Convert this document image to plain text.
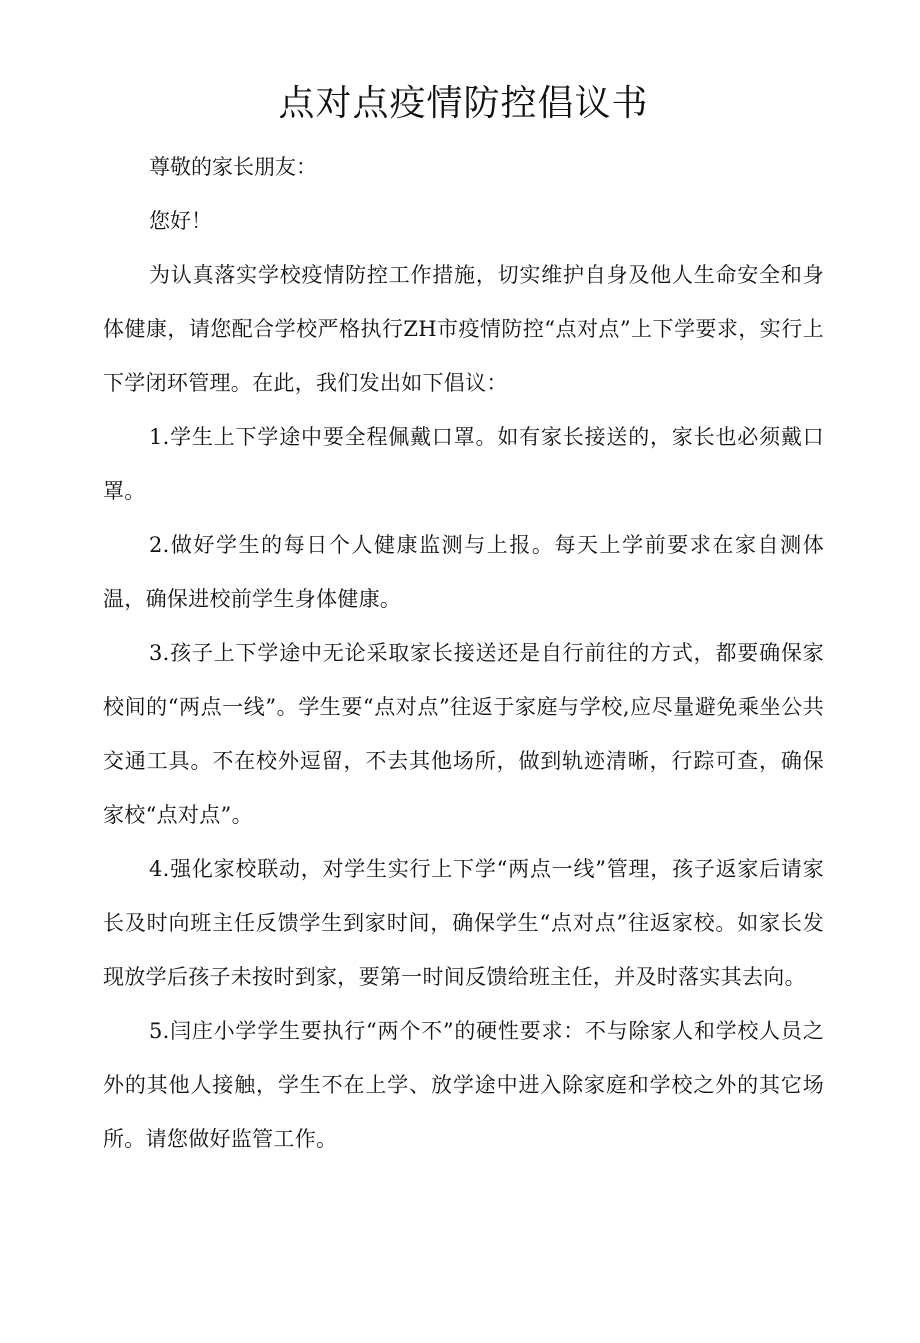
点对点疫情防控倡议书

尊敬的家长朋友：

您好！

为认真落实学校疫情防控工作措施，切实维护自身及他人生命安全和身体健康，请您配合学校严格执行ZH市疫情防控“点对点”上下学要求，实行上下学闭环管理。在此，我们发出如下倡议：

1.学生上下学途中要全程佩戴口罩。如有家长接送的，家长也必须戴口罩。

2.做好学生的每日个人健康监测与上报。每天上学前要求在家自测体温，确保进校前学生身体健康。

3.孩子上下学途中无论采取家长接送还是自行前往的方式，都要确保家校间的“两点一线”。学生要“点对点”往返于家庭与学校,应尽量避免乘坐公共交通工具。不在校外逗留，不去其他场所，做到轨迹清晰，行踪可查，确保家校“点对点”。

4.强化家校联动，对学生实行上下学“两点一线”管理，孩子返家后请家长及时向班主任反馈学生到家时间，确保学生“点对点”往返家校。如家长发现放学后孩子未按时到家，要第一时间反馈给班主任，并及时落实其去向。

5.闫庄小学学生要执行“两个不”的硬性要求：不与除家人和学校人员之外的其他人接触，学生不在上学、放学途中进入除家庭和学校之外的其它场所。请您做好监管工作。
